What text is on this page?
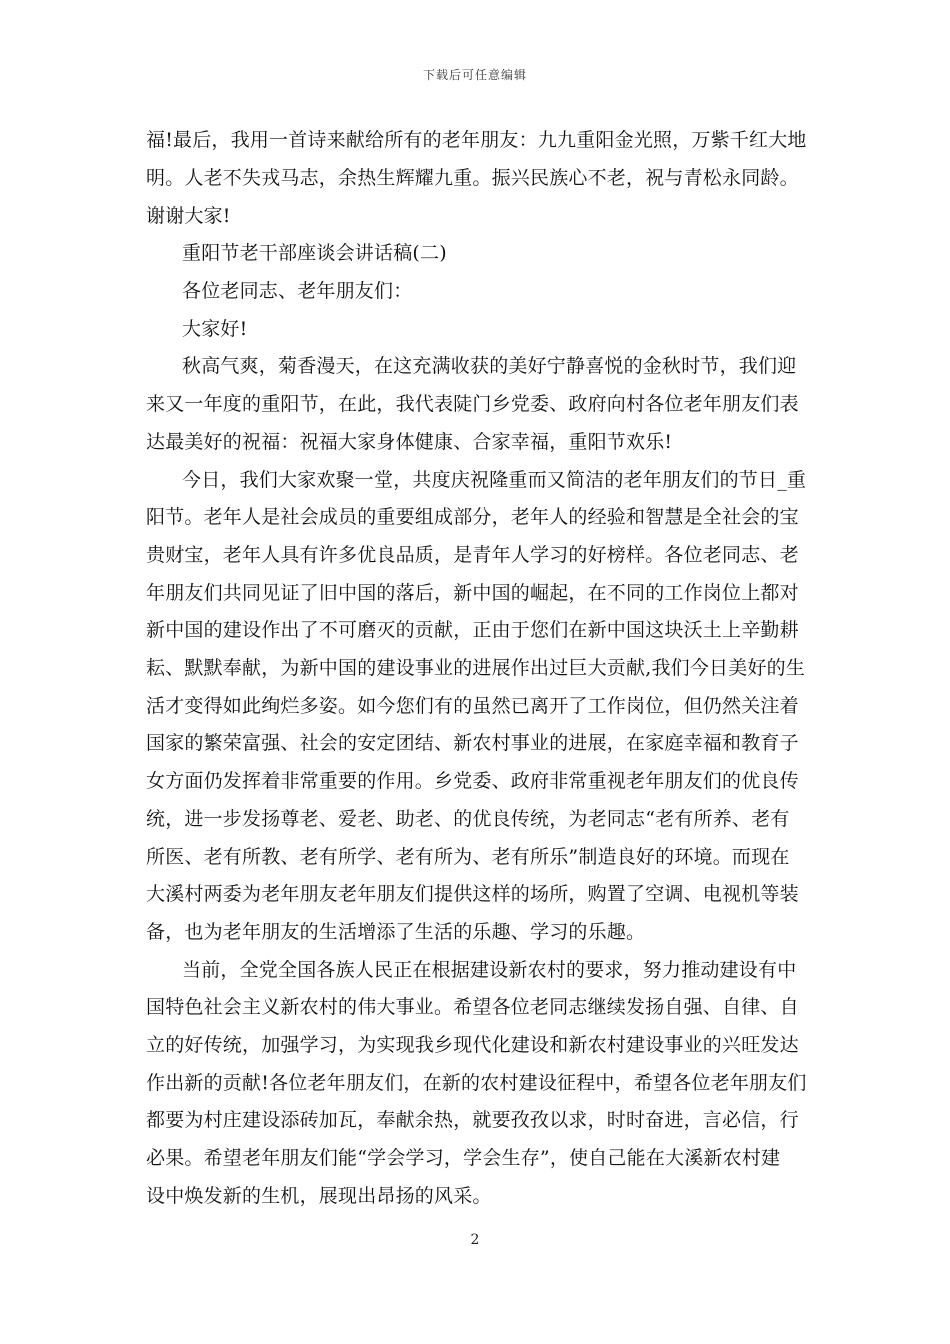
下载后可任意编辑
福!最后，我用一首诗来献给所有的老年朋友：九九重阳金光照，万紫千红大地
明。人老不失戎马志，余热生辉耀九重。振兴民族心不老，祝与青松永同龄。
谢谢大家!
重阳节老干部座谈会讲话稿(二)
各位老同志、老年朋友们：
大家好!
秋高气爽，菊香漫天，在这充满收获的美好宁静喜悦的金秋时节，我们迎
来又一年度的重阳节，在此，我代表陡门乡党委、政府向村各位老年朋友们表
达最美好的祝福：祝福大家身体健康、合家幸福，重阳节欢乐!
今日，我们大家欢聚一堂，共度庆祝隆重而又简洁的老年朋友们的节日_重
阳节。老年人是社会成员的重要组成部分，老年人的经验和智慧是全社会的宝
贵财宝，老年人具有许多优良品质，是青年人学习的好榜样。各位老同志、老
年朋友们共同见证了旧中国的落后，新中国的崛起，在不同的工作岗位上都对
新中国的建设作出了不可磨灭的贡献，正由于您们在新中国这块沃土上辛勤耕
耘、默默奉献，为新中国的建设事业的进展作出过巨大贡献,我们今日美好的生
活才变得如此绚烂多姿。如今您们有的虽然已离开了工作岗位，但仍然关注着
国家的繁荣富强、社会的安定团结、新农村事业的进展，在家庭幸福和教育子
女方面仍发挥着非常重要的作用。乡党委、政府非常重视老年朋友们的优良传
统，进一步发扬尊老、爱老、助老、的优良传统，为老同志“老有所养、老有
所医、老有所教、老有所学、老有所为、老有所乐”制造良好的环境。而现在
大溪村两委为老年朋友老年朋友们提供这样的场所，购置了空调、电视机等装
备，也为老年朋友的生活增添了生活的乐趣、学习的乐趣。
当前，全党全国各族人民正在根据建设新农村的要求，努力推动建设有中
国特色社会主义新农村的伟大事业。希望各位老同志继续发扬自强、自律、自
立的好传统，加强学习，为实现我乡现代化建设和新农村建设事业的兴旺发达
作出新的贡献!各位老年朋友们，在新的农村建设征程中，希望各位老年朋友们
都要为村庄建设添砖加瓦，奉献余热，就要孜孜以求，时时奋进，言必信，行
必果。希望老年朋友们能“学会学习，学会生存”，使自己能在大溪新农村建
设中焕发新的生机，展现出昂扬的风采。
2
